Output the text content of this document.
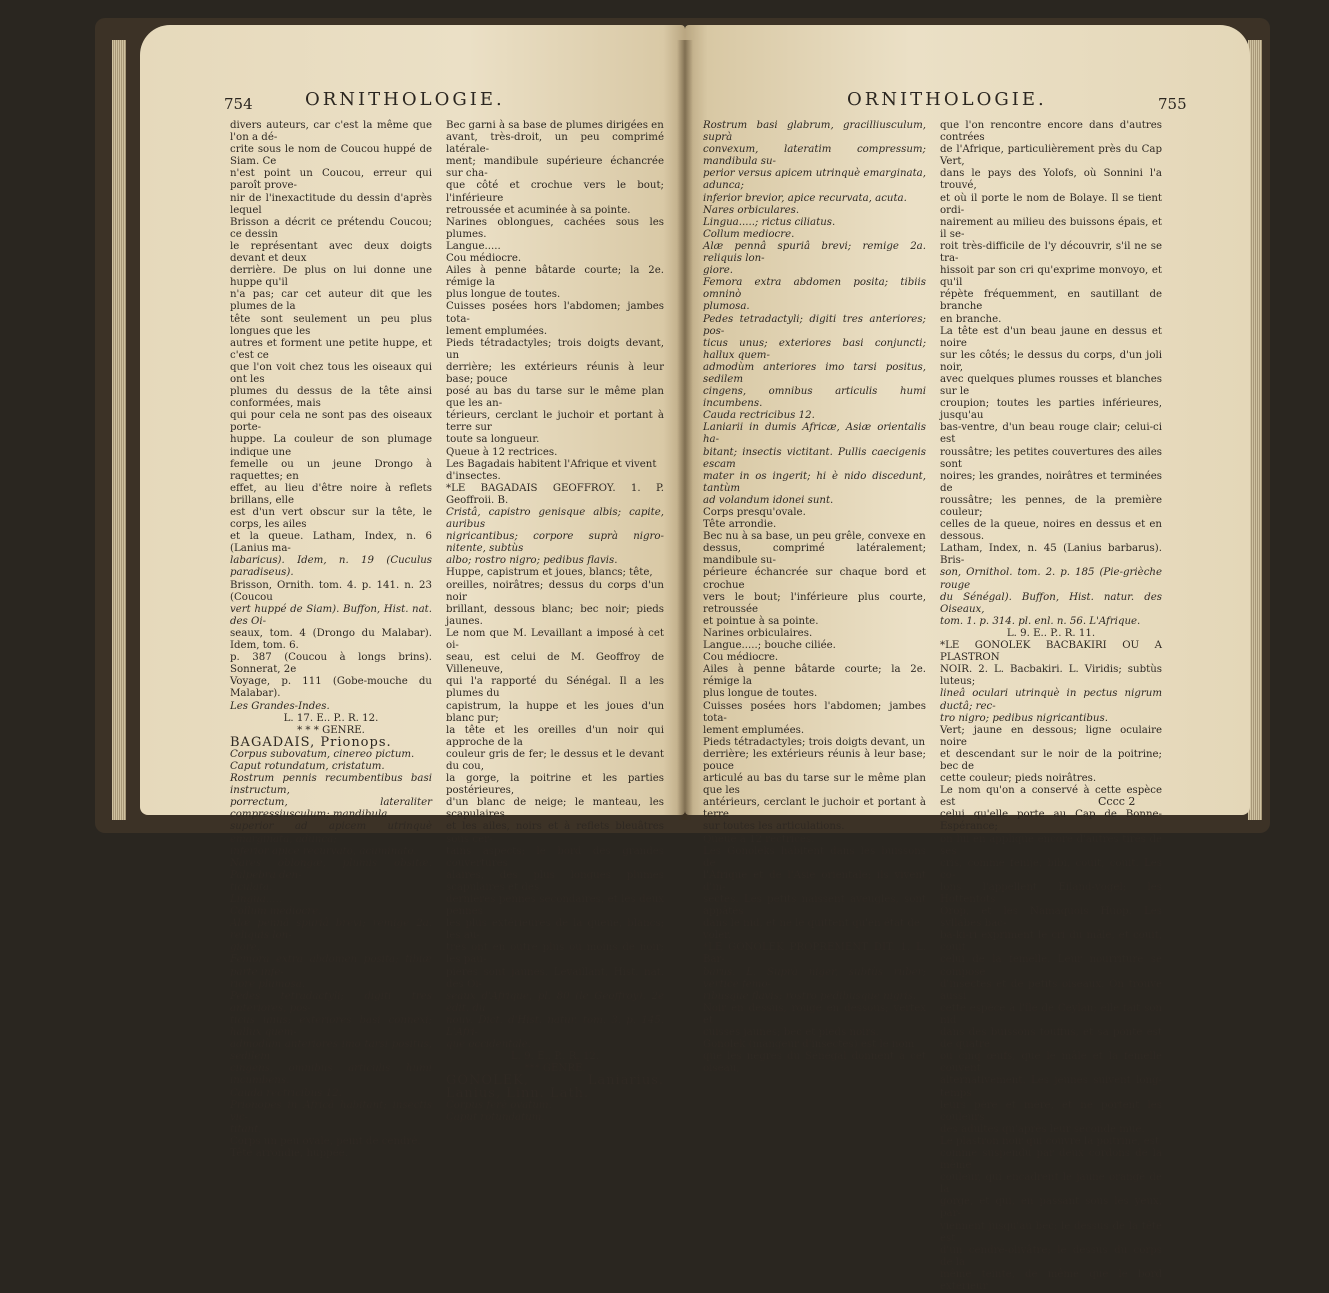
754	ORNITHOLOGIE.

divers auteurs, car c'est la même que l'on a dé-

crite sous le nom de Coucou huppé de Siam. Ce

n'est point un Coucou, erreur qui paroît prove-

nir de l'inexactitude du dessin d'après lequel

Brisson a décrit ce prétendu Coucou; ce dessin

le représentant avec deux doigts devant et deux

derrière. De plus on lui donne une huppe qu'il

n'a pas; car cet auteur dit que les plumes de la

tête sont seulement un peu plus longues que les

autres et forment une petite huppe, et c'est ce

que l'on voit chez tous les oiseaux qui ont les

plumes du dessus de la tête ainsi conformées, mais

qui pour cela ne sont pas des oiseaux porte-

huppe. La couleur de son plumage indique une

femelle ou un jeune Drongo à raquettes; en

effet, au lieu d'être noire à reflets brillans, elle

est d'un vert obscur sur la tête, le corps, les ailes

et la queue. Latham, Index, n. 6 (Lanius ma-

labaricus). Idem, n. 19 (Cuculus paradiseus).

Brisson, Ornith. tom. 4. p. 141. n. 23 (Coucou

vert huppé de Siam). Buffon, Hist. nat. des Oi-

seaux, tom. 4 (Drongo du Malabar). Idem, tom. 6.

p. 387 (Coucou à longs brins). Sonnerat, 2e

Voyage, p. 111 (Gobe-mouche du Malabar).

Les Grandes-Indes.

L. 17. E.. P.. R. 12.

* * * GENRE.

BAGADAIS, Prionops.

Corpus subovatum, cinereo pictum.

Caput rotundatum, cristatum.

Rostrum pennis recumbentibus basi instructum,

porrectum, lateraliter compressiusculum; mandibula

superior ad apicem utrinquè emarginata, adunca;

inferior apice recurvato, acuminato.

Nares oblongæ, plumis obsitæ. Palpebra den-

ticulata.

Lingua.....

Collum mediocre.

Alæ pennâ spuriâ brevi; remige 2a. reliquis lon-

giore.

Femora extra abdomen posita; tibiæ parte infe-

riore plumosa.

Pedes tetradactyli; digiti tres anteriores, pos-

ticus unus; exteriores basi connexi; hallux quem-

admodùm anteriores imo tarsi positus, sedilem

cingens, omnibus articulis humi incumbens.

Cauda rectricibus 12.

Prionopes in Africâ habitant; insectis vic-

titant.

Corps un peu ovale, peint de cendré.

Tête arrondie, huppée.

Bec garni à sa base de plumes dirigées en

avant, très-droit, un peu comprimé latérale-

ment; mandibule supérieure échancrée sur cha-

que côté et crochue vers le bout; l'inférieure

retroussée et acuminée à sa pointe.

Narines oblongues, cachées sous les plumes.

Langue.....

Cou médiocre.

Ailes à penne bâtarde courte; la 2e. rémige la

plus longue de toutes.

Cuisses posées hors l'abdomen; jambes tota-

lement emplumées.

Pieds tétradactyles; trois doigts devant, un

derrière; les extérieurs réunis à leur base; pouce

posé au bas du tarse sur le même plan que les an-

térieurs, cerclant le juchoir et portant à terre sur

toute sa longueur.

Queue à 12 rectrices.

Les Bagadais habitent l'Afrique et vivent

d'insectes.

*LE BAGADAIS GEOFFROY. 1. P. Geoffroii. B.

Cristâ, capistro genisque albis; capite, auribus

nigricantibus; corpore suprà nigro-nitente, subtùs

albo; rostro nigro; pedibus flavis.

Huppe, capistrum et joues, blancs; tête,

oreilles, noirâtres; dessus du corps d'un noir

brillant, dessous blanc; bec noir; pieds jaunes.

Le nom que M. Levaillant a imposé à cet oi-

seau, est celui de M. Geoffroy de Villeneuve,

qui l'a rapporté du Sénégal. Il a les plumes du

capistrum, la huppe et les joues d'un blanc pur;

la tête et les oreilles d'un noir qui approche de la

couleur gris de fer; le dessus et le devant du cou,

la gorge, la poitrine et les parties postérieures,

d'un blanc de neige; le manteau, les scapulaires

et les ailes, noirs et à reflets bleuâtres sous cer-

tains aspects; le bord des grandes couvertures

alaires, des plus longues plumes scapulaires et des

dernières pennes secondaires, et les deux pennes

les plus extérieures de la queue, blancs; les au-

tres ont en outre plus ou moins de noir; les pau-

pières sont jaunes. Levaillant, Hist. nat. des Oi-

seaux d'Afrique, pl. 80 (le Geoffroy). 2e édit. du

nouv. Dict. d'Hist. natur. tom. 3. p. 145. L'Afri-

que occidentale.

L. 9. E.. P.. R. 12.

*** GENRE.

GONOLEK, Laniarius. Lanius, Linn. Lath.

Corpus ferè ovatum.

Caput rotundatum.

ORNITHOLOGIE.	755

Rostrum basi glabrum, gracilliusculum, suprà

convexum, lateratim compressum; mandibula su-

perior versus apicem utrinquè emarginata, adunca;

inferior brevior, apice recurvata, acuta.

Nares orbiculares.

Lingua.....; rictus ciliatus.

Collum mediocre.

Alæ pennâ spuriâ brevi; remige 2a. reliquis lon-

giore.

Femora extra abdomen posita; tibiis omninò

plumosa.

Pedes tetradactyli; digiti tres anteriores; pos-

ticus unus; exteriores basi conjuncti; hallux quem-

admodùm anteriores imo tarsi positus, sedilem

cingens, omnibus articulis humi incumbens.

Cauda rectricibus 12.

Laniarii in dumis Africæ, Asiæ orientalis ha-

bitant; insectis victitant. Pullis caecigenis escam

mater in os ingerit; hi è nido discedunt, tantùm

ad volandum idonei sunt.

Corps presqu'ovale.

Tête arrondie.

Bec nu à sa base, un peu grêle, convexe en

dessus, comprimé latéralement; mandibule su-

périeure échancrée sur chaque bord et crochue

vers le bout; l'inférieure plus courte, retroussée

et pointue à sa pointe.

Narines orbiculaires.

Langue.....; bouche ciliée.

Cou médiocre.

Ailes à penne bâtarde courte; la 2e. rémige la

plus longue de toutes.

Cuisses posées hors l'abdomen; jambes tota-

lement emplumées.

Pieds tétradactyles; trois doigts devant, un

derrière; les extérieurs réunis à leur base; pouce

articulé au bas du tarse sur le même plan que les

antérieurs, cerclant le juchoir et portant à terre

sur toutes les articulations.

Queue à 12 rectrices.

Les Gonoleks habitent dans les buissons de

l'Afrique et de l'Asie orientale; ils vivent d'in-

sectes. Les petits naissent aveugles, sont appâtés

dans le nid, et ne le quittent qu'en état de

voler.

*LE GONOLEK PROPREMENT DIT. 1. L. Bar-

barus. L. Suprà niger, subtùs ruber; vertice femo-

ribusque flavis; rostro pedibusque nigris.

Noir en dessus, rouge en dessous; vertex et

cuisses jaunes; bec et pieds noirs.

Gonolek (mangeur d'insectes) est le nom

que les nègres du Sénégal donnent à cet oiseau,

que l'on rencontre encore dans d'autres contrées

de l'Afrique, particulièrement près du Cap Vert,

dans le pays des Yolofs, où Sonnini l'a trouvé,

et où il porte le nom de Bolaye. Il se tient ordi-

nairement au milieu des buissons épais, et il se-

roit très-difficile de l'y découvrir, s'il ne se tra-

hissoit par son cri qu'exprime monvoyo, et qu'il

répète fréquemment, en sautillant de branche

en branche.

La tête est d'un beau jaune en dessus et noire

sur les côtés; le dessus du corps, d'un joli noir,

avec quelques plumes rousses et blanches sur le

croupion; toutes les parties inférieures, jusqu'au

bas-ventre, d'un beau rouge clair; celui-ci est

roussâtre; les petites couvertures des ailes sont

noires; les grandes, noirâtres et terminées de

roussâtre; les pennes, de la première couleur;

celles de la queue, noires en dessus et en dessous.

Latham, Index, n. 45 (Lanius barbarus). Bris-

son, Ornithol. tom. 2. p. 185 (Pie-grièche rouge

du Sénégal). Buffon, Hist. natur. des Oiseaux,

tom. 1. p. 314. pl. enl. n. 56. L'Afrique.

L. 9. E.. P.. R. 11.

*LE GONOLEK BACBAKIRI OU A PLASTRON

NOIR. 2. L. Bacbakiri. L. Viridis; subtùs luteus;

lineâ oculari utrinquè in pectus nigrum ductâ; rec-

tro nigro; pedibus nigricantibus.

Vert; jaune en dessous; ligne oculaire noire

et descendant sur le noir de la poitrine; bec de

cette couleur; pieds noirâtres.

Le nom qu'on a conservé à cette espèce est

celui qu'elle porte au Cap de Bonne-Espérance;

on lui en applique encore d'autres tirés de ses

cris, comme fenije, bibi, couit, couit. Les co-

lons l'appellent Eiland-vogel; les Hottentots

Orop, et les Namaquois Huop. Les syllabes bac-

ba-ki-ri expriment le cri du mâle, et couit, couit

celui de la femelle. Leur nourriture se compose

d'insectes et de petits oiseaux. On trouve aussi

cette espèce à l'île de Ceylan; elle fait son nid

dans des buissons touffus, et sa ponte est de quatre

ou cinq œufs, que le mâle et la femelle couvent

alternativement. Les jeunes suivent long-temps

leurs père et mère, et ne portent les couleurs

des adultes qu'après leur seconde mue.

Le plastron noir qui couvre la poitrine, est

comme suspendu par deux cordons de la même

couleur, qui encadrent le jaune orangé de la

gorge, et qui, en passant sous les yeux, par-

viennent jusqu'au bec; le dessus de la tête est

d'un cendré-olivâtre; le dessus du corps de la

même teinte, de même que le bord extérieur

Cccc 2
